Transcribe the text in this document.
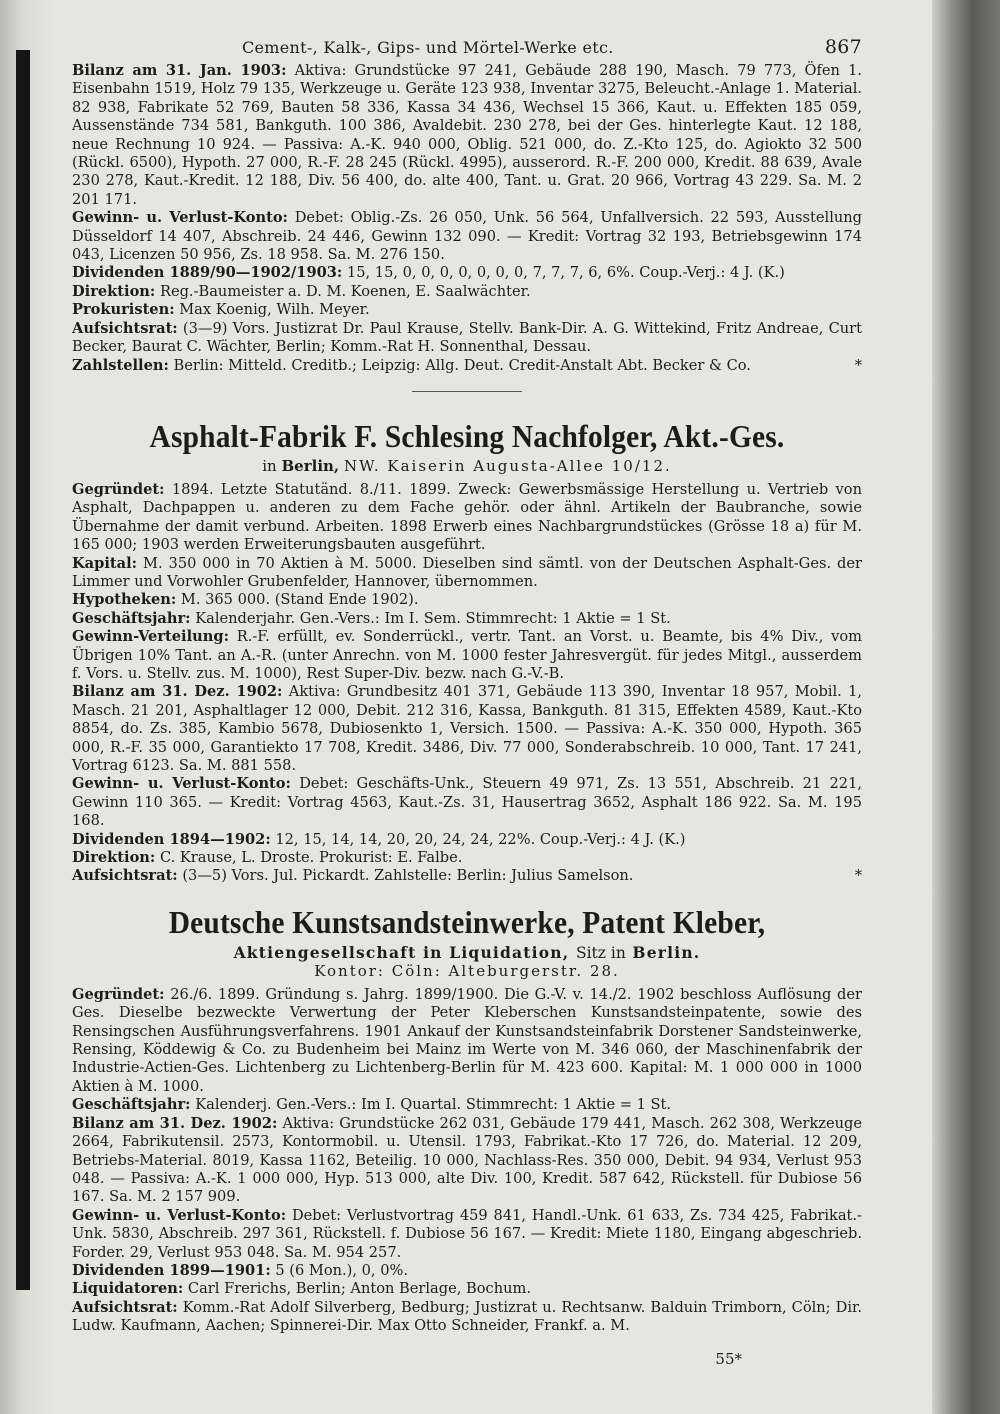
Cement-, Kalk-, Gips- und Mörtel-Werke etc.	867

Bilanz am 31. Jan. 1903: Aktiva: Grundstücke 97 241, Gebäude 288 190, Masch. 79 773, Öfen 1. Eisenbahn 1519, Holz 79 135, Werkzeuge u. Geräte 123 938, Inventar 3275, Beleucht.-Anlage 1. Material. 82 938, Fabrikate 52 769, Bauten 58 336, Kassa 34 436, Wechsel 15 366, Kaut. u. Effekten 185 059, Aussenstände 734 581, Bankguth. 100 386, Avaldebit. 230 278, bei der Ges. hinterlegte Kaut. 12 188, neue Rechnung 10 924. — Passiva: A.-K. 940 000, Oblig. 521 000, do. Z.-Kto 125, do. Agiokto 32 500 (Rückl. 6500), Hypoth. 27 000, R.-F. 28 245 (Rückl. 4995), ausserord. R.-F. 200 000, Kredit. 88 639, Avale 230 278, Kaut.-Kredit. 12 188, Div. 56 400, do. alte 400, Tant. u. Grat. 20 966, Vortrag 43 229. Sa. M. 2 201 171.

Gewinn- u. Verlust-Konto: Debet: Oblig.-Zs. 26 050, Unk. 56 564, Unfallversich. 22 593, Ausstellung Düsseldorf 14 407, Abschreib. 24 446, Gewinn 132 090. — Kredit: Vortrag 32 193, Betriebsgewinn 174 043, Licenzen 50 956, Zs. 18 958. Sa. M. 276 150.

Dividenden 1889/90—1902/1903: 15, 15, 0, 0, 0, 0, 0, 0, 0, 7, 7, 7, 6, 6%. Coup.-Verj.: 4 J. (K.)

Direktion: Reg.-Baumeister a. D. M. Koenen, E. Saalwächter.

Prokuristen: Max Koenig, Wilh. Meyer.

Aufsichtsrat: (3—9) Vors. Justizrat Dr. Paul Krause, Stellv. Bank-Dir. A. G. Wittekind, Fritz Andreae, Curt Becker, Baurat C. Wächter, Berlin; Komm.-Rat H. Sonnenthal, Dessau.

Zahlstellen: Berlin: Mitteld. Creditb.; Leipzig: Allg. Deut. Credit-Anstalt Abt. Becker & Co.	*

Asphalt-Fabrik F. Schlesing Nachfolger, Akt.-Ges.

in Berlin, NW. Kaiserin Augusta-Allee 10/12.

Gegründet: 1894. Letzte Statutänd. 8./11. 1899. Zweck: Gewerbsmässige Herstellung u. Vertrieb von Asphalt, Dachpappen u. anderen zu dem Fache gehör. oder ähnl. Artikeln der Baubranche, sowie Übernahme der damit verbund. Arbeiten. 1898 Erwerb eines Nachbargrundstückes (Grösse 18 a) für M. 165 000; 1903 werden Erweiterungsbauten ausgeführt.

Kapital: M. 350 000 in 70 Aktien à M. 5000. Dieselben sind sämtl. von der Deutschen Asphalt-Ges. der Limmer und Vorwohler Grubenfelder, Hannover, übernommen.

Hypotheken: M. 365 000. (Stand Ende 1902).

Geschäftsjahr: Kalenderjahr. Gen.-Vers.: Im I. Sem. Stimmrecht: 1 Aktie = 1 St.

Gewinn-Verteilung: R.-F. erfüllt, ev. Sonderrückl., vertr. Tant. an Vorst. u. Beamte, bis 4% Div., vom Übrigen 10% Tant. an A.-R. (unter Anrechn. von M. 1000 fester Jahresvergüt. für jedes Mitgl., ausserdem f. Vors. u. Stellv. zus. M. 1000), Rest Super-Div. bezw. nach G.-V.-B.

Bilanz am 31. Dez. 1902: Aktiva: Grundbesitz 401 371, Gebäude 113 390, Inventar 18 957, Mobil. 1, Masch. 21 201, Asphaltlager 12 000, Debit. 212 316, Kassa, Bankguth. 81 315, Effekten 4589, Kaut.-Kto 8854, do. Zs. 385, Kambio 5678, Dubiosenkto 1, Versich. 1500. — Passiva: A.-K. 350 000, Hypoth. 365 000, R.-F. 35 000, Garantiekto 17 708, Kredit. 3486, Div. 77 000, Sonderabschreib. 10 000, Tant. 17 241, Vortrag 6123. Sa. M. 881 558.

Gewinn- u. Verlust-Konto: Debet: Geschäfts-Unk., Steuern 49 971, Zs. 13 551, Abschreib. 21 221, Gewinn 110 365. — Kredit: Vortrag 4563, Kaut.-Zs. 31, Hausertrag 3652, Asphalt 186 922. Sa. M. 195 168.

Dividenden 1894—1902: 12, 15, 14, 14, 20, 20, 24, 24, 22%. Coup.-Verj.: 4 J. (K.)

Direktion: C. Krause, L. Droste. Prokurist: E. Falbe.

Aufsichtsrat: (3—5) Vors. Jul. Pickardt. Zahlstelle: Berlin: Julius Samelson.	*

Deutsche Kunstsandsteinwerke, Patent Kleber,

Aktiengesellschaft in Liquidation, Sitz in Berlin.

Kontor: Cöln: Alteburgerstr. 28.

Gegründet: 26./6. 1899. Gründung s. Jahrg. 1899/1900. Die G.-V. v. 14./2. 1902 beschloss Auflösung der Ges. Dieselbe bezweckte Verwertung der Peter Kleberschen Kunstsandsteinpatente, sowie des Rensingschen Ausführungsverfahrens. 1901 Ankauf der Kunstsandsteinfabrik Dorstener Sandsteinwerke, Rensing, Köddewig & Co. zu Budenheim bei Mainz im Werte von M. 346 060, der Maschinenfabrik der Industrie-Actien-Ges. Lichtenberg zu Lichtenberg-Berlin für M. 423 600. Kapital: M. 1 000 000 in 1000 Aktien à M. 1000.

Geschäftsjahr: Kalenderj. Gen.-Vers.: Im I. Quartal. Stimmrecht: 1 Aktie = 1 St.

Bilanz am 31. Dez. 1902: Aktiva: Grundstücke 262 031, Gebäude 179 441, Masch. 262 308, Werkzeuge 2664, Fabrikutensil. 2573, Kontormobil. u. Utensil. 1793, Fabrikat.-Kto 17 726, do. Material. 12 209, Betriebs-Material. 8019, Kassa 1162, Beteilig. 10 000, Nachlass-Res. 350 000, Debit. 94 934, Verlust 953 048. — Passiva: A.-K. 1 000 000, Hyp. 513 000, alte Div. 100, Kredit. 587 642, Rückstell. für Dubiose 56 167. Sa. M. 2 157 909.

Gewinn- u. Verlust-Konto: Debet: Verlustvortrag 459 841, Handl.-Unk. 61 633, Zs. 734 425, Fabrikat.-Unk. 5830, Abschreib. 297 361, Rückstell. f. Dubiose 56 167. — Kredit: Miete 1180, Eingang abgeschrieb. Forder. 29, Verlust 953 048. Sa. M. 954 257.

Dividenden 1899—1901: 5 (6 Mon.), 0, 0%.

Liquidatoren: Carl Frerichs, Berlin; Anton Berlage, Bochum.

Aufsichtsrat: Komm.-Rat Adolf Silverberg, Bedburg; Justizrat u. Rechtsanw. Balduin Trimborn, Cöln; Dir. Ludw. Kaufmann, Aachen; Spinnerei-Dir. Max Otto Schneider, Frankf. a. M.

55*
